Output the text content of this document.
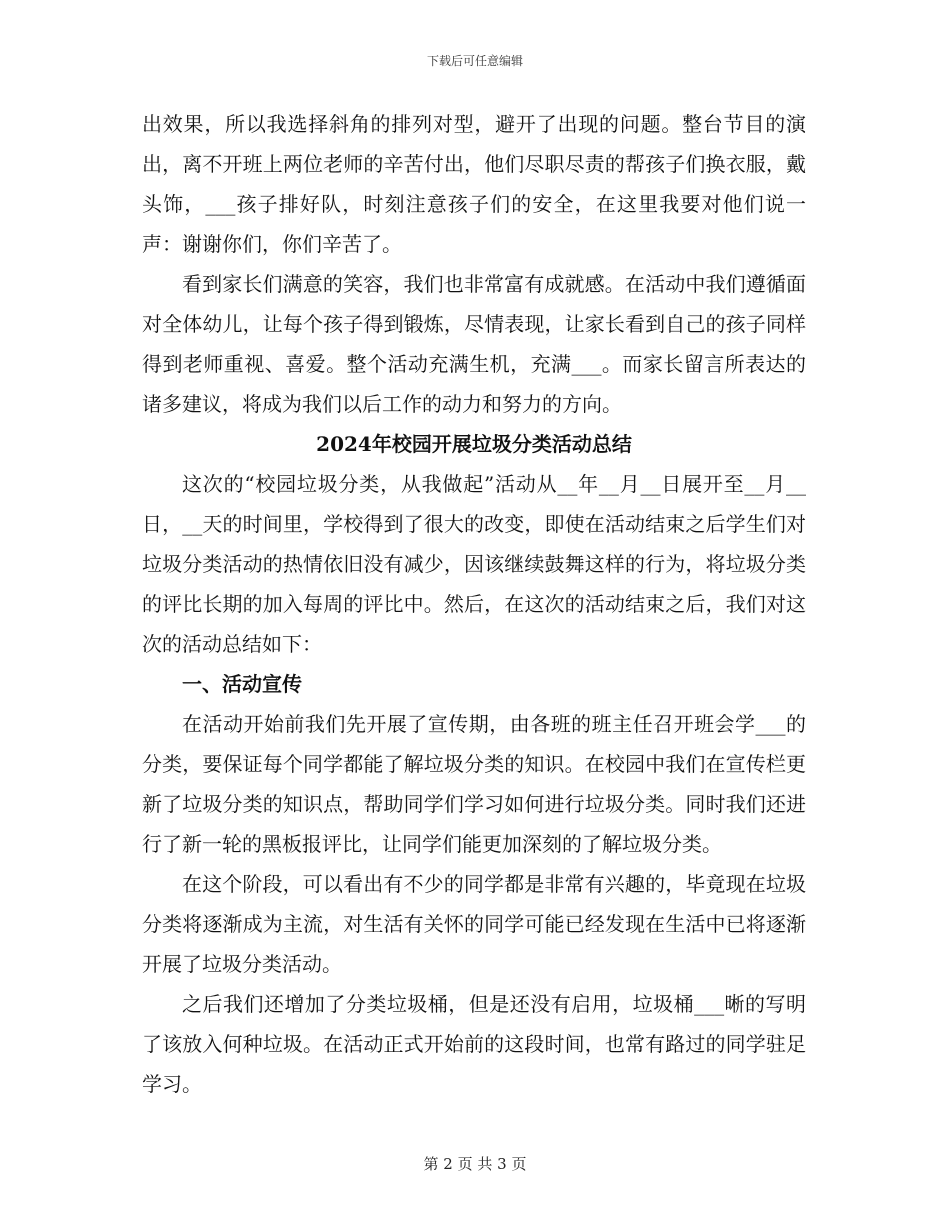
下载后可任意编辑

出效果，所以我选择斜角的排列对型，避开了出现的问题。整台节目的演出，离不开班上两位老师的辛苦付出，他们尽职尽责的帮孩子们换衣服，戴头饰，___孩子排好队，时刻注意孩子们的安全，在这里我要对他们说一声：谢谢你们，你们辛苦了。

看到家长们满意的笑容，我们也非常富有成就感。在活动中我们遵循面对全体幼儿，让每个孩子得到锻炼，尽情表现，让家长看到自己的孩子同样得到老师重视、喜爱。整个活动充满生机，充满___。而家长留言所表达的诸多建议，将成为我们以后工作的动力和努力的方向。

2024年校园开展垃圾分类活动总结

这次的“校园垃圾分类，从我做起”活动从__年__月__日展开至__月__日，__天的时间里，学校得到了很大的改变，即使在活动结束之后学生们对垃圾分类活动的热情依旧没有减少，因该继续鼓舞这样的行为，将垃圾分类的评比长期的加入每周的评比中。然后，在这次的活动结束之后，我们对这次的活动总结如下：

一、活动宣传

在活动开始前我们先开展了宣传期，由各班的班主任召开班会学___的分类，要保证每个同学都能了解垃圾分类的知识。在校园中我们在宣传栏更新了垃圾分类的知识点，帮助同学们学习如何进行垃圾分类。同时我们还进行了新一轮的黑板报评比，让同学们能更加深刻的了解垃圾分类。

在这个阶段，可以看出有不少的同学都是非常有兴趣的，毕竟现在垃圾分类将逐渐成为主流，对生活有关怀的同学可能已经发现在生活中已将逐渐开展了垃圾分类活动。

之后我们还增加了分类垃圾桶，但是还没有启用，垃圾桶___晰的写明了该放入何种垃圾。在活动正式开始前的这段时间，也常有路过的同学驻足学习。

第 2 页 共 3 页
